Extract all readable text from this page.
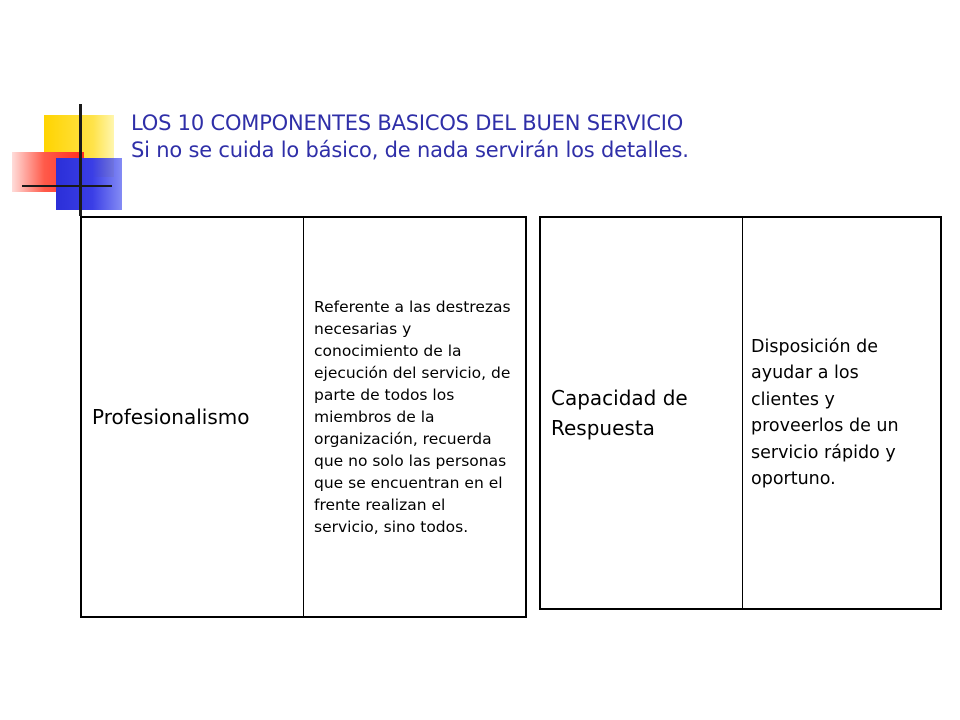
LOS 10 COMPONENTES BASICOS DEL BUEN SERVICIO
Si no se cuida lo básico, de nada servirán los detalles.
Profesionalismo
Referente a las destrezas necesarias y conocimiento de la ejecución del servicio, de parte de todos los miembros de la organización, recuerda que no solo las personas que se encuentran en el frente realizan el servicio, sino todos.
Capacidad de Respuesta
Disposición de ayudar a los clientes y proveerlos de un servicio rápido y oportuno.
